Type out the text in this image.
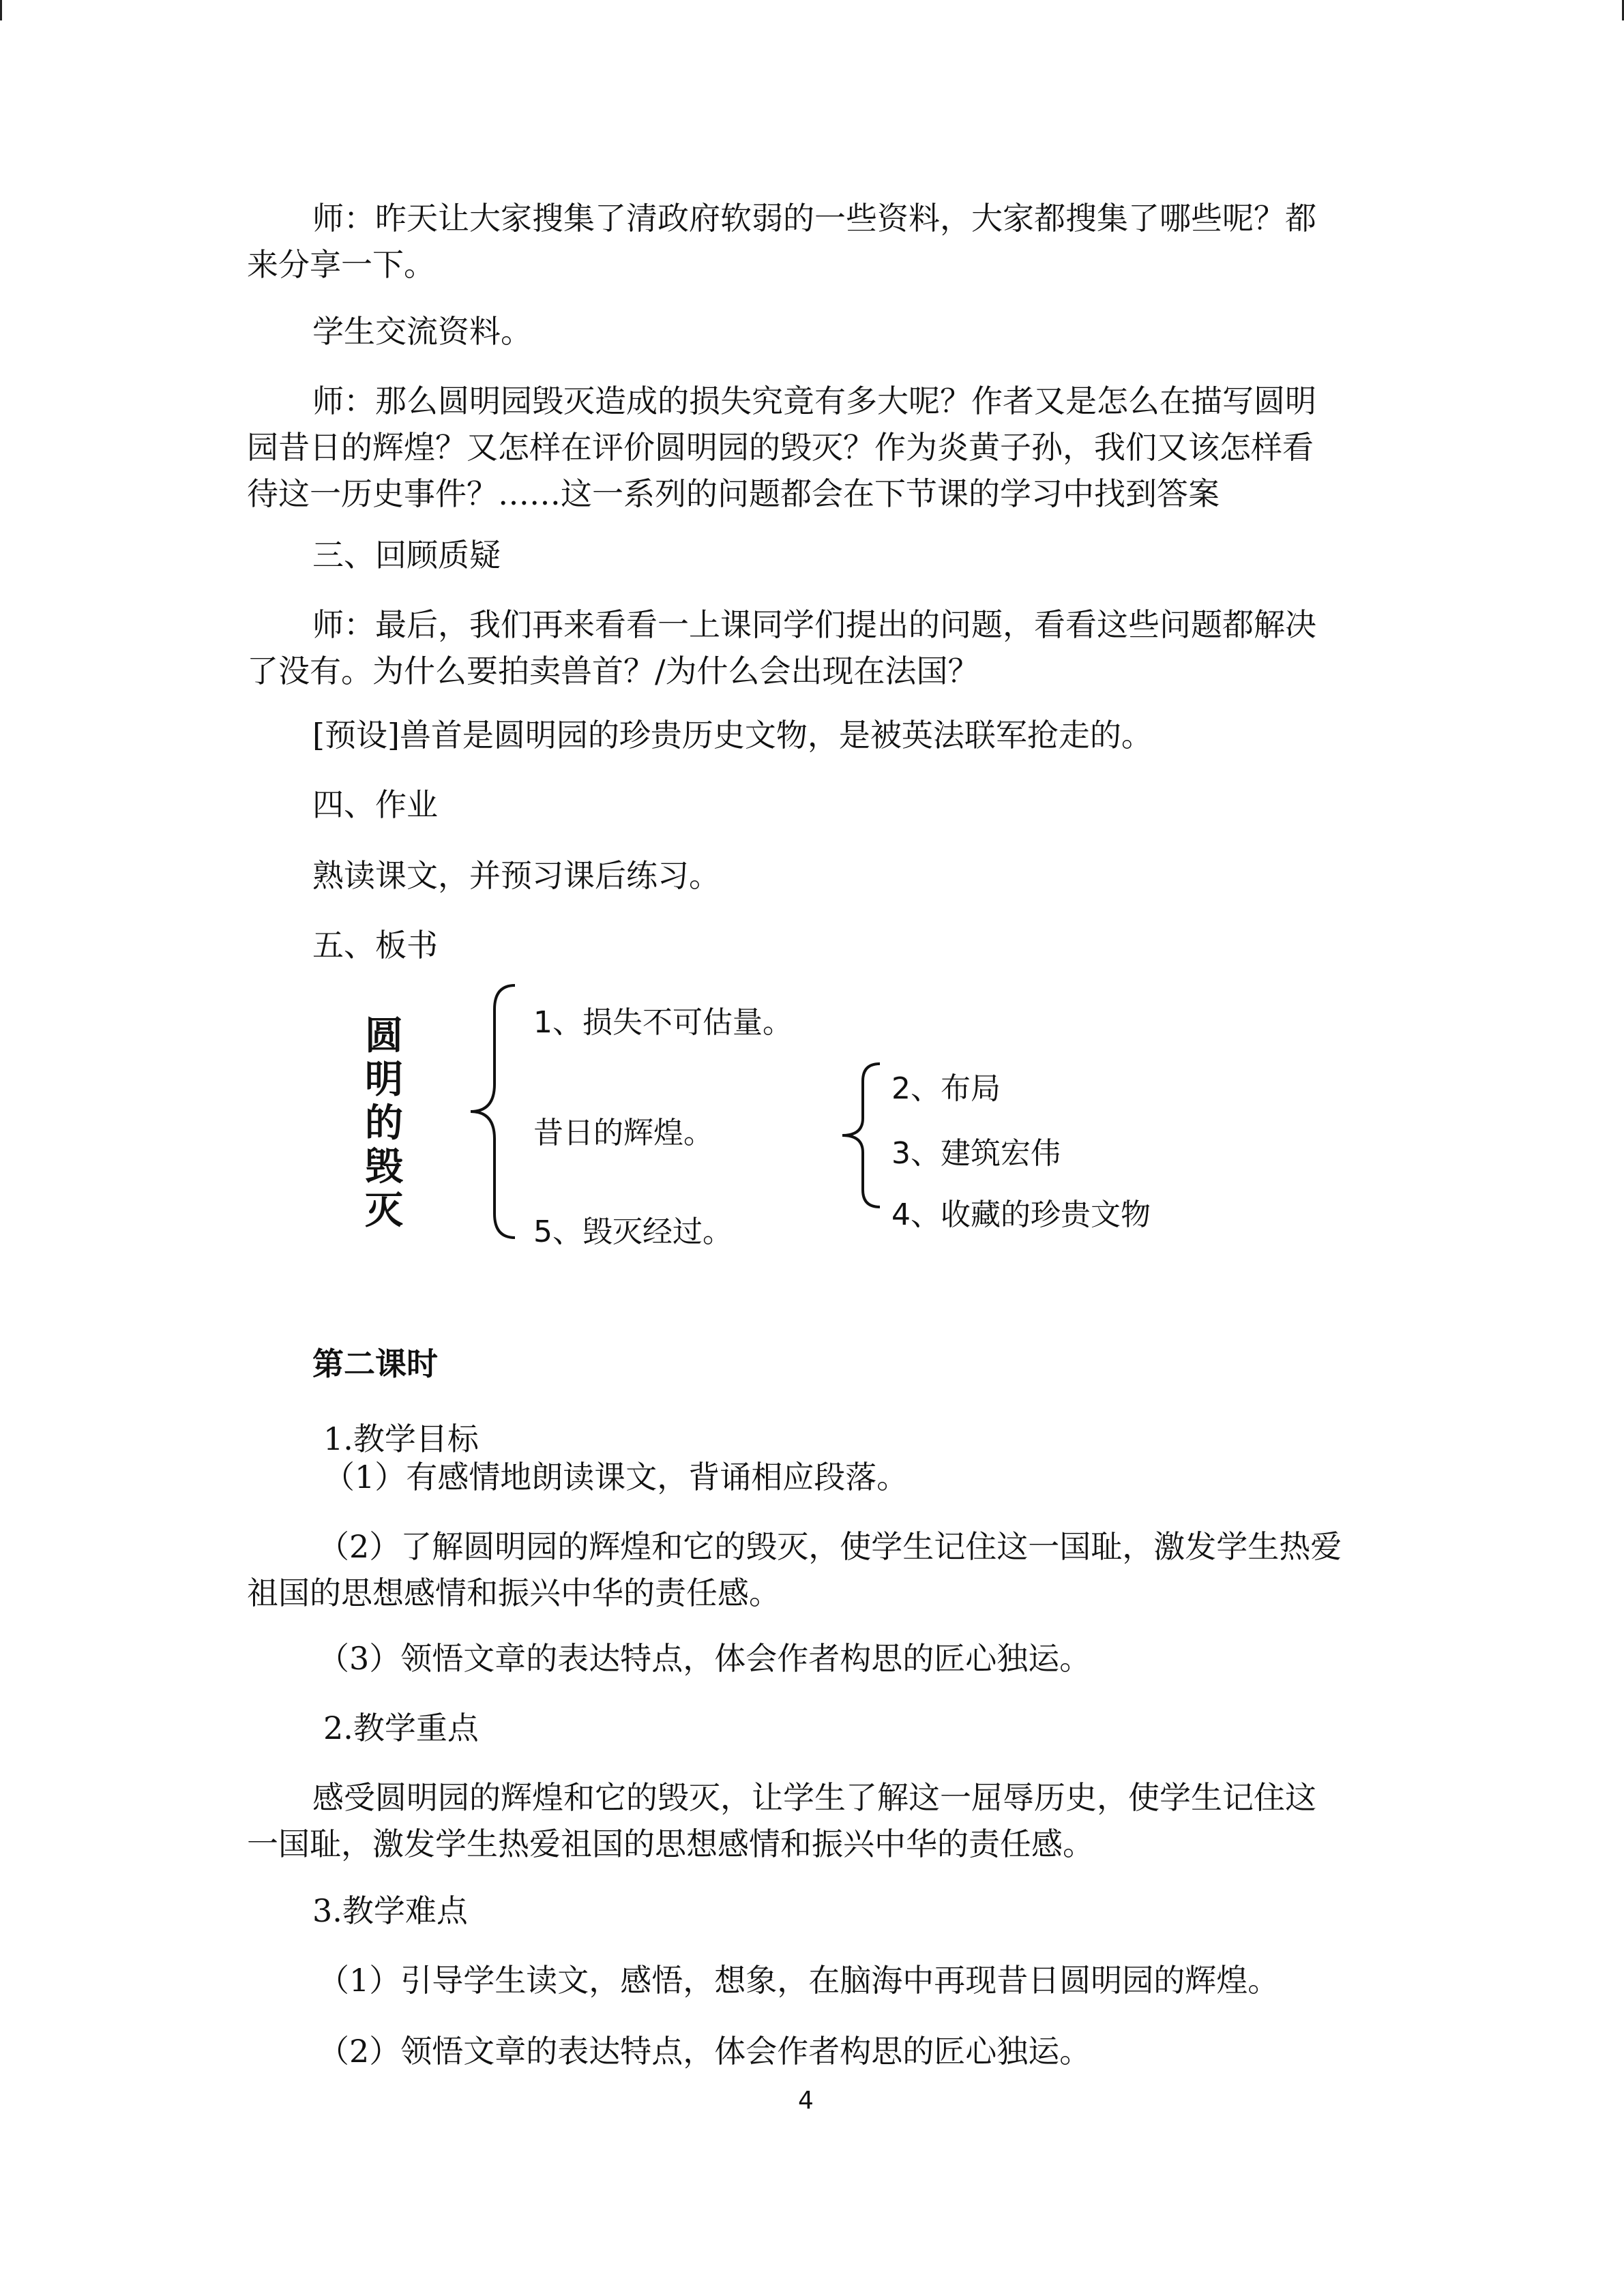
师：昨天让大家搜集了清政府软弱的一些资料，大家都搜集了哪些呢？都
来分享一下。

学生交流资料。

师：那么圆明园毁灭造成的损失究竟有多大呢？作者又是怎么在描写圆明
园昔日的辉煌？又怎样在评价圆明园的毁灭？作为炎黄子孙，我们又该怎样看
待这一历史事件？……这一系列的问题都会在下节课的学习中找到答案

三、回顾质疑

师：最后，我们再来看看一上课同学们提出的问题，看看这些问题都解决
了没有。为什么要拍卖兽首？/为什么会出现在法国？

[预设]兽首是圆明园的珍贵历史文物，是被英法联军抢走的。

四、作业

熟读课文，并预习课后练习。

五、板书

圆
明
的
毁
灭
1、损失不可估量。
昔日的辉煌。
5、毁灭经过。
2、布局
3、建筑宏伟
4、收藏的珍贵文物

第二课时

1.教学目标

（1）有感情地朗读课文，背诵相应段落。

（2）了解圆明园的辉煌和它的毁灭，使学生记住这一国耻，激发学生热爱
祖国的思想感情和振兴中华的责任感。

（3）领悟文章的表达特点，体会作者构思的匠心独运。

2.教学重点

感受圆明园的辉煌和它的毁灭，让学生了解这一屈辱历史，使学生记住这
一国耻，激发学生热爱祖国的思想感情和振兴中华的责任感。

3.教学难点

（1）引导学生读文，感悟，想象，在脑海中再现昔日圆明园的辉煌。

（2）领悟文章的表达特点，体会作者构思的匠心独运。

4
